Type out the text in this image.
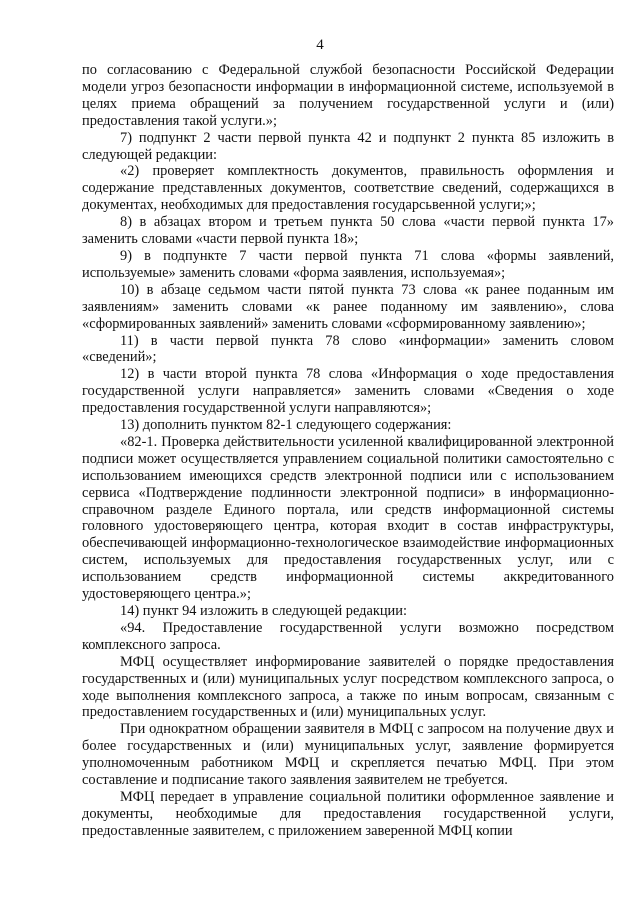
4

по согласованию с Федеральной службой безопасности Российской Федерации модели угроз безопасности информации в информационной системе, используемой в целях приема обращений за получением государственной услуги и (или) предоставления такой услуги.»;

7) подпункт 2 части первой пункта 42 и подпункт 2 пункта 85 изложить в следующей редакции:

«2) проверяет комплектность документов, правильность оформления и содержание представленных документов, соответствие сведений, содержащихся в документах, необходимых для предоставления государсьвенной услуги;»;

8) в абзацах втором и третьем пункта 50 слова «части первой пункта 17» заменить словами «части первой пункта 18»;

9) в подпункте 7 части первой пункта 71 слова «формы заявлений, используемые» заменить словами «форма заявления, используемая»;

10) в абзаце седьмом части пятой пункта 73 слова «к ранее поданным им заявлениям» заменить словами «к ранее поданному им заявлению», слова «сформированных заявлений» заменить словами «сформированному заявлению»;

11) в части первой пункта 78 слово «информации» заменить словом «сведений»;

12) в части второй пункта 78 слова «Информация о ходе предоставления государственной услуги направляется» заменить словами «Сведения о ходе предоставления государственной услуги направляются»;

13) дополнить пунктом 82-1 следующего содержания:

«82-1. Проверка действительности усиленной квалифицированной электронной подписи может осуществляется управлением социальной политики самостоятельно с использованием имеющихся средств электронной подписи или с использованием сервиса «Подтверждение подлинности электронной подписи» в информационно-справочном разделе Единого портала, или средств информационной системы головного удостоверяющего центра, которая входит в состав инфраструктуры, обеспечивающей информационно-технологическое взаимодействие информационных систем, используемых для предоставления государственных услуг, или с использованием средств информационной системы аккредитованного удостоверяющего центра.»;

14) пункт 94 изложить в следующей редакции:

«94. Предоставление государственной услуги возможно посредством комплексного запроса.

МФЦ осуществляет информирование заявителей о порядке предоставления государственных и (или) муниципальных услуг посредством комплексного запроса, о ходе выполнения комплексного запроса, а также по иным вопросам, связанным с предоставлением государственных и (или) муниципальных услуг.

При однократном обращении заявителя в МФЦ с запросом на получение двух и более государственных и (или) муниципальных услуг, заявление формируется уполномоченным работником МФЦ и скрепляется печатью МФЦ. При этом составление и подписание такого заявления заявителем не требуется.

МФЦ передает в управление социальной политики оформленное заявление и документы, необходимые для предоставления государственной услуги, предоставленные заявителем, с приложением заверенной МФЦ копии
